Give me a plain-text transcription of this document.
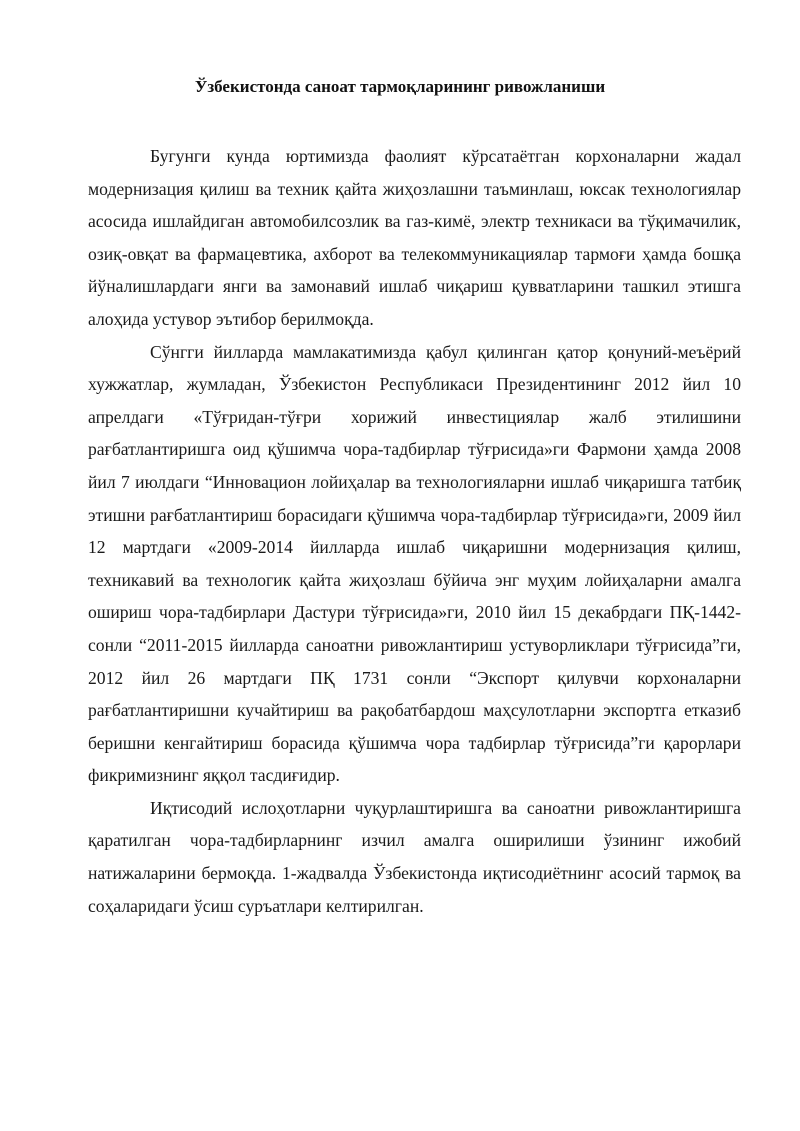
Ўзбекистонда саноат тармоқларининг ривожланиши

Бугунги кунда юртимизда фаолият кўрсатаётган корхоналарни жадал модернизация қилиш ва техник қайта жиҳозлашни таъминлаш, юксак технологиялар асосида ишлайдиган автомобилсозлик ва газ-кимё, электр техникаси ва тўқимачилик, озиқ-овқат ва фармацевтика, ахборот ва телекоммуникациялар тармоғи ҳамда бошқа йўналишлардаги янги ва замонавий ишлаб чиқариш қувватларини ташкил этишга алоҳида устувор эътибор берилмоқда.

Сўнгги йилларда мамлакатимизда қабул қилинган қатор қонуний-меъёрий хужжатлар, жумладан, Ўзбекистон Республикаси Президентининг 2012 йил 10 апрелдаги «Тўғридан-тўғри хорижий инвестициялар жалб этилишини рағбатлантиришга оид қўшимча чора-тадбирлар тўғрисида»ги Фармони ҳамда 2008 йил 7 июлдаги “Инновацион лойиҳалар ва технологияларни ишлаб чиқаришга татбиқ этишни рағбатлантириш борасидаги қўшимча чора-тадбирлар тўғрисида»ги, 2009 йил 12 мартдаги «2009-2014 йилларда ишлаб чиқаришни модернизация қилиш, техникавий ва технологик қайта жиҳозлаш бўйича энг муҳим лойиҳаларни амалга ошириш чора-тадбирлари Дастури тўғрисида»ги, 2010 йил 15 декабрдаги ПҚ-1442-сонли “2011-2015 йилларда саноатни ривожлантириш устуворликлари тўғрисида”ги, 2012 йил 26 мартдаги ПҚ 1731 сонли “Экспорт қилувчи корхоналарни рағбатлантиришни кучайтириш ва рақобатбардош маҳсулотларни экспортга етказиб беришни кенгайтириш борасида қўшимча чора тадбирлар тўғрисида”ги қарорлари фикримизнинг яққол тасдиғидир.

Иқтисодий ислоҳотларни чуқурлаштиришга ва саноатни ривожлантиришга қаратилган чора-тадбирларнинг изчил амалга оширилиши ўзининг ижобий натижаларини бермоқда. 1-жадвалда Ўзбекистонда иқтисодиётнинг асосий тармоқ ва соҳаларидаги ўсиш суръатлари келтирилган.
